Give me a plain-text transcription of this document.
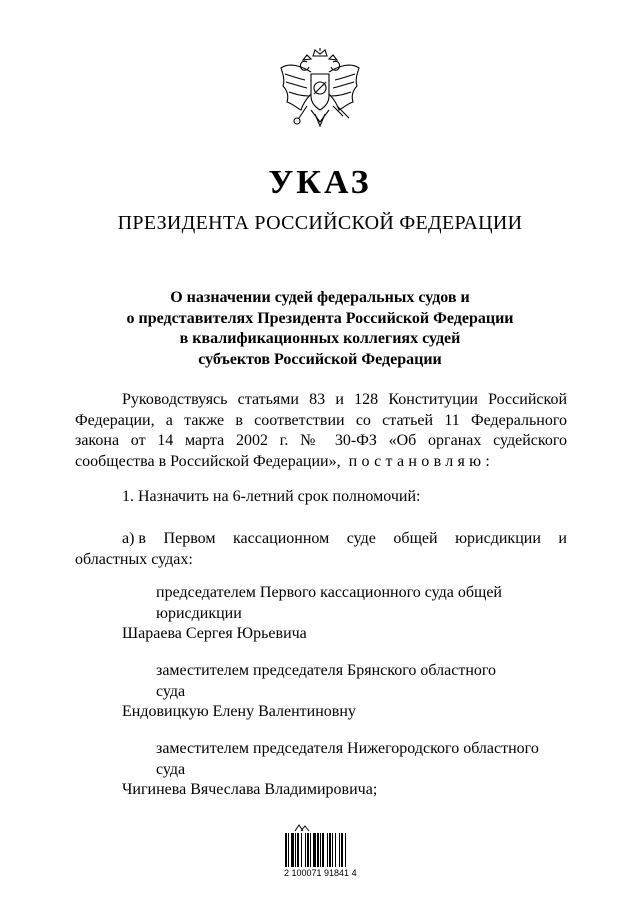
УКАЗ
ПРЕЗИДЕНТА РОССИЙСКОЙ ФЕДЕРАЦИИ
О назначении судей федеральных судов и
о представителях Президента Российской Федерации
в квалификационных коллегиях судей
субъектов Российской Федерации
Руководствуясь статьями 83 и 128 Конституции Российской
Федерации, а также в соответствии со статьей 11 Федерального
закона от 14 марта 2002 г. № 30-ФЗ «Об органах судейского
сообщества в Российской Федерации», постановляю:
1. Назначить на 6-летний срок полномочий:
а) в Первом кассационном суде общей юрисдикции и
областных судах:
председателем Первого кассационного суда общей
юрисдикции
Шараева Сергея Юрьевича
заместителем председателя Брянского областного
суда
Ендовицкую Елену Валентиновну
заместителем председателя Нижегородского областного
суда
Чигинева Вячеслава Владимировича;
2 100071 91841 4
